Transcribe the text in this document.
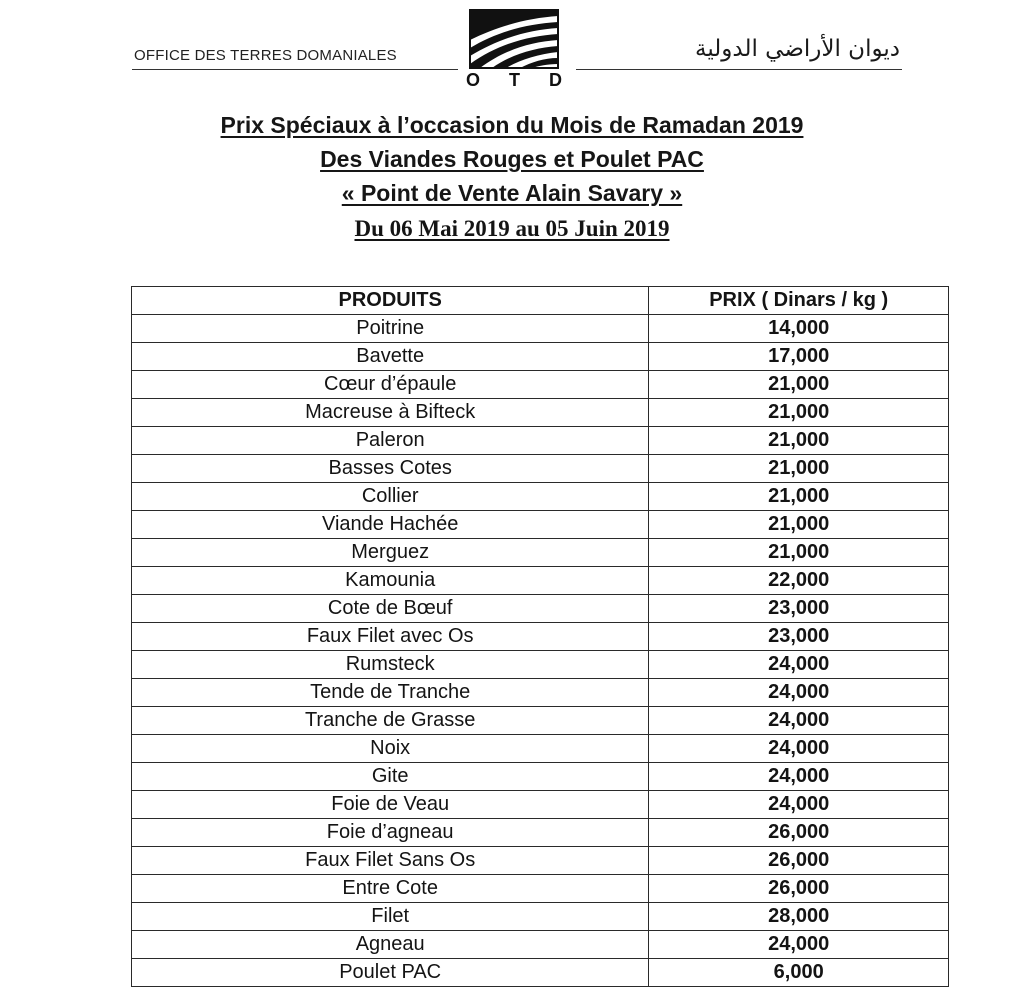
OFFICE DES TERRES DOMANIALES	ديوان الأراضي الدولية
O T D
Prix Spéciaux à l’occasion du Mois de Ramadan 2019
Des Viandes Rouges et Poulet PAC
« Point de Vente Alain Savary »
Du 06 Mai 2019 au 05 Juin 2019
PRODUITS	PRIX ( Dinars / kg )
Poitrine	14,000
Bavette	17,000
Cœur d’épaule	21,000
Macreuse à Bifteck	21,000
Paleron	21,000
Basses Cotes	21,000
Collier	21,000
Viande Hachée	21,000
Merguez	21,000
Kamounia	22,000
Cote de Bœuf	23,000
Faux Filet avec Os	23,000
Rumsteck	24,000
Tende de Tranche	24,000
Tranche de Grasse	24,000
Noix	24,000
Gite	24,000
Foie de Veau	24,000
Foie d’agneau	26,000
Faux Filet Sans Os	26,000
Entre Cote	26,000
Filet	28,000
Agneau	24,000
Poulet PAC	6,000
